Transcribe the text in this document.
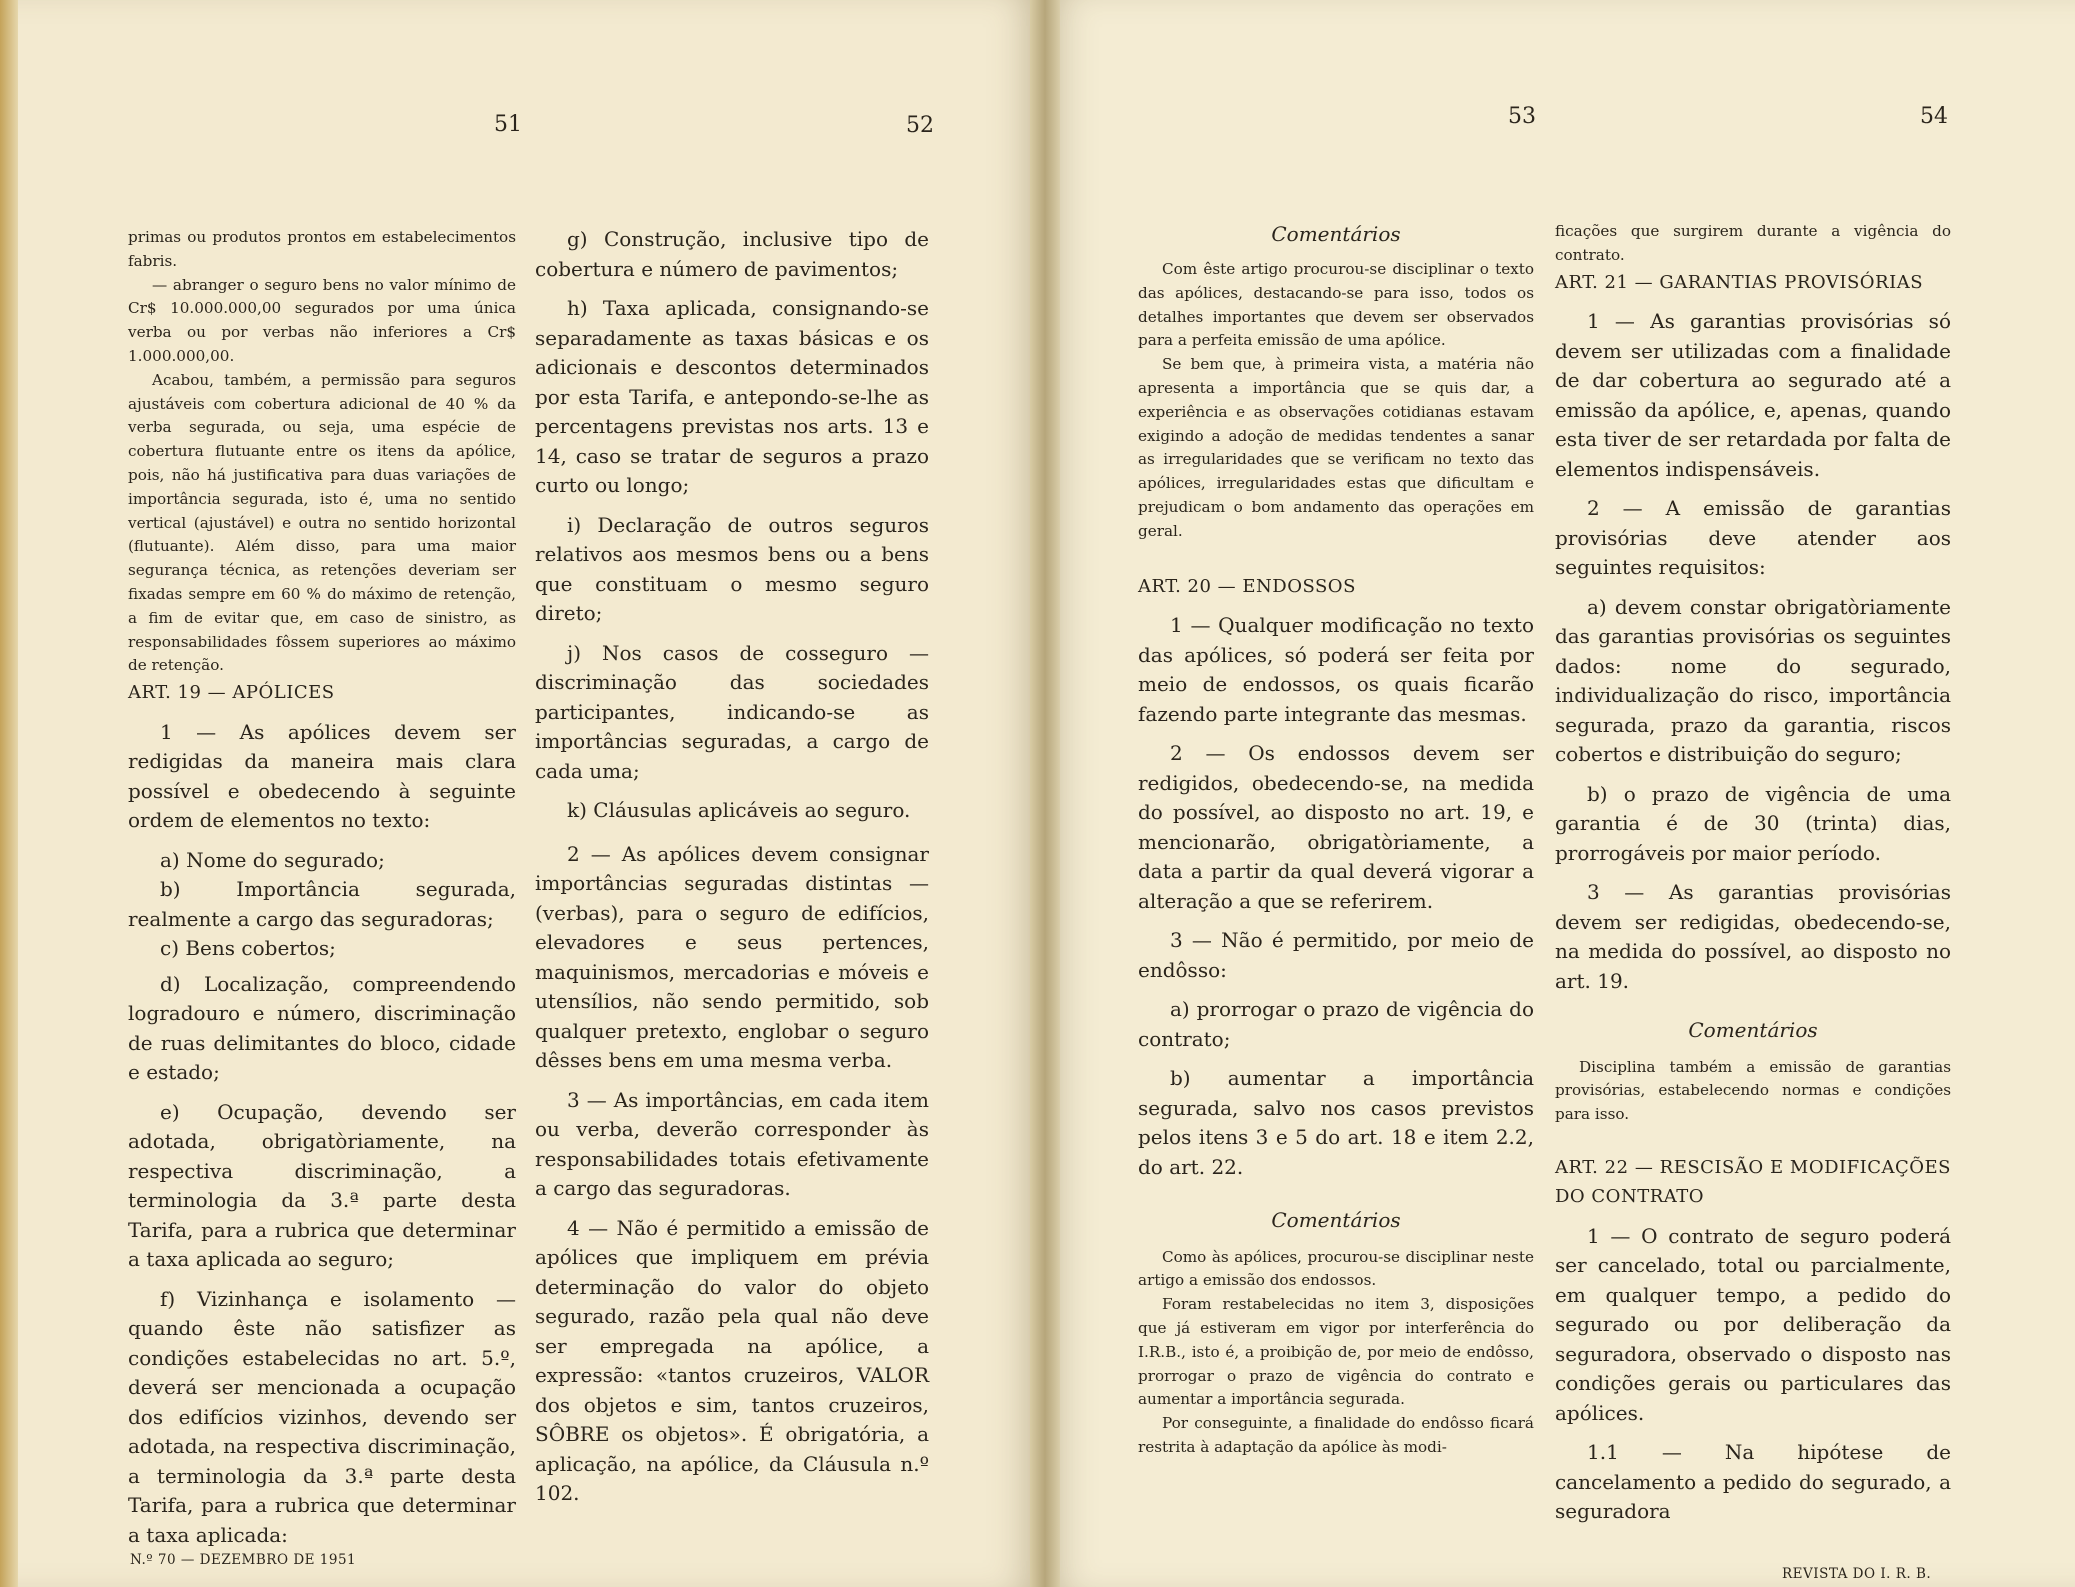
51	52	53	54

primas ou produtos prontos em estabelecimentos fabris.

— abranger o seguro bens no valor mínimo de Cr$ 10.000.000,00 segurados por uma única verba ou por verbas não inferiores a Cr$ 1.000.000,00.

Acabou, também, a permissão para seguros ajustáveis com cobertura adicional de 40 % da verba segurada, ou seja, uma espécie de cobertura flutuante entre os itens da apólice, pois, não há justificativa para duas variações de importância segurada, isto é, uma no sentido vertical (ajustável) e outra no sentido horizontal (flutuante). Além disso, para uma maior segurança técnica, as retenções deveriam ser fixadas sempre em 60 % do máximo de retenção, a fim de evitar que, em caso de sinistro, as responsabilidades fôssem superiores ao máximo de retenção.

ART. 19 — APÓLICES

1 — As apólices devem ser redigidas da maneira mais clara possível e obedecendo à seguinte ordem de elementos no texto:

a) Nome do segurado;

b) Importância segurada, realmente a cargo das seguradoras;

c) Bens cobertos;

d) Localização, compreendendo logradouro e número, discriminação de ruas delimitantes do bloco, cidade e estado;

e) Ocupação, devendo ser adotada, obrigatòriamente, na respectiva discriminação, a terminologia da 3.ª parte desta Tarifa, para a rubrica que determinar a taxa aplicada ao seguro;

f) Vizinhança e isolamento — quando êste não satisfizer as condições estabelecidas no art. 5.º, deverá ser mencionada a ocupação dos edifícios vizinhos, devendo ser adotada, na respectiva discriminação, a terminologia da 3.ª parte desta Tarifa, para a rubrica que determinar a taxa aplicada:

g) Construção, inclusive tipo de cobertura e número de pavimentos;

h) Taxa aplicada, consignando-se separadamente as taxas básicas e os adicionais e descontos determinados por esta Tarifa, e antepondo-se-lhe as percentagens previstas nos arts. 13 e 14, caso se tratar de seguros a prazo curto ou longo;

i) Declaração de outros seguros relativos aos mesmos bens ou a bens que constituam o mesmo seguro direto;

j) Nos casos de cosseguro — discriminação das sociedades participantes, indicando-se as importâncias seguradas, a cargo de cada uma;

k) Cláusulas aplicáveis ao seguro.

2 — As apólices devem consignar importâncias seguradas distintas — (verbas), para o seguro de edifícios, elevadores e seus pertences, maquinismos, mercadorias e móveis e utensílios, não sendo permitido, sob qualquer pretexto, englobar o seguro dêsses bens em uma mesma verba.

3 — As importâncias, em cada item ou verba, deverão corresponder às responsabilidades totais efetivamente a cargo das seguradoras.

4 — Não é permitido a emissão de apólices que impliquem em prévia determinação do valor do objeto segurado, razão pela qual não deve ser empregada na apólice, a expressão: «tantos cruzeiros, VALOR dos objetos e sim, tantos cruzeiros, SÔBRE os objetos». É obrigatória, a aplicação, na apólice, da Cláusula n.º 102.

Comentários

Com êste artigo procurou-se disciplinar o texto das apólices, destacando-se para isso, todos os detalhes importantes que devem ser observados para a perfeita emissão de uma apólice.

Se bem que, à primeira vista, a matéria não apresenta a importância que se quis dar, a experiência e as observações cotidianas estavam exigindo a adoção de medidas tendentes a sanar as irregularidades que se verificam no texto das apólices, irregularidades estas que dificultam e prejudicam o bom andamento das operações em geral.

ART. 20 — ENDOSSOS

1 — Qualquer modificação no texto das apólices, só poderá ser feita por meio de endossos, os quais ficarão fazendo parte integrante das mesmas.

2 — Os endossos devem ser redigidos, obedecendo-se, na medida do possível, ao disposto no art. 19, e mencionarão, obrigatòriamente, a data a partir da qual deverá vigorar a alteração a que se referirem.

3 — Não é permitido, por meio de endôsso:

a) prorrogar o prazo de vigência do contrato;

b) aumentar a importância segurada, salvo nos casos previstos pelos itens 3 e 5 do art. 18 e item 2.2, do art. 22.

Comentários

Como às apólices, procurou-se disciplinar neste artigo a emissão dos endossos.

Foram restabelecidas no item 3, disposições que já estiveram em vigor por interferência do I.R.B., isto é, a proibição de, por meio de endôsso, prorrogar o prazo de vigência do contrato e aumentar a importância segurada.

Por conseguinte, a finalidade do endôsso ficará restrita à adaptação da apólice às modi-

ficações que surgirem durante a vigência do contrato.

ART. 21 — GARANTIAS PROVISÓRIAS

1 — As garantias provisórias só devem ser utilizadas com a finalidade de dar cobertura ao segurado até a emissão da apólice, e, apenas, quando esta tiver de ser retardada por falta de elementos indispensáveis.

2 — A emissão de garantias provisórias deve atender aos seguintes requisitos:

a) devem constar obrigatòriamente das garantias provisórias os seguintes dados: nome do segurado, individualização do risco, importância segurada, prazo da garantia, riscos cobertos e distribuição do seguro;

b) o prazo de vigência de uma garantia é de 30 (trinta) dias, prorrogáveis por maior período.

3 — As garantias provisórias devem ser redigidas, obedecendo-se, na medida do possível, ao disposto no art. 19.

Comentários

Disciplina também a emissão de garantias provisórias, estabelecendo normas e condições para isso.

ART. 22 — RESCISÃO E MODIFICAÇÕES DO CONTRATO

1 — O contrato de seguro poderá ser cancelado, total ou parcialmente, em qualquer tempo, a pedido do segurado ou por deliberação da seguradora, observado o disposto nas condições gerais ou particulares das apólices.

1.1 — Na hipótese de cancelamento a pedido do segurado, a seguradora

N.º 70 — DEZEMBRO DE 1951
REVISTA DO I. R. B.
